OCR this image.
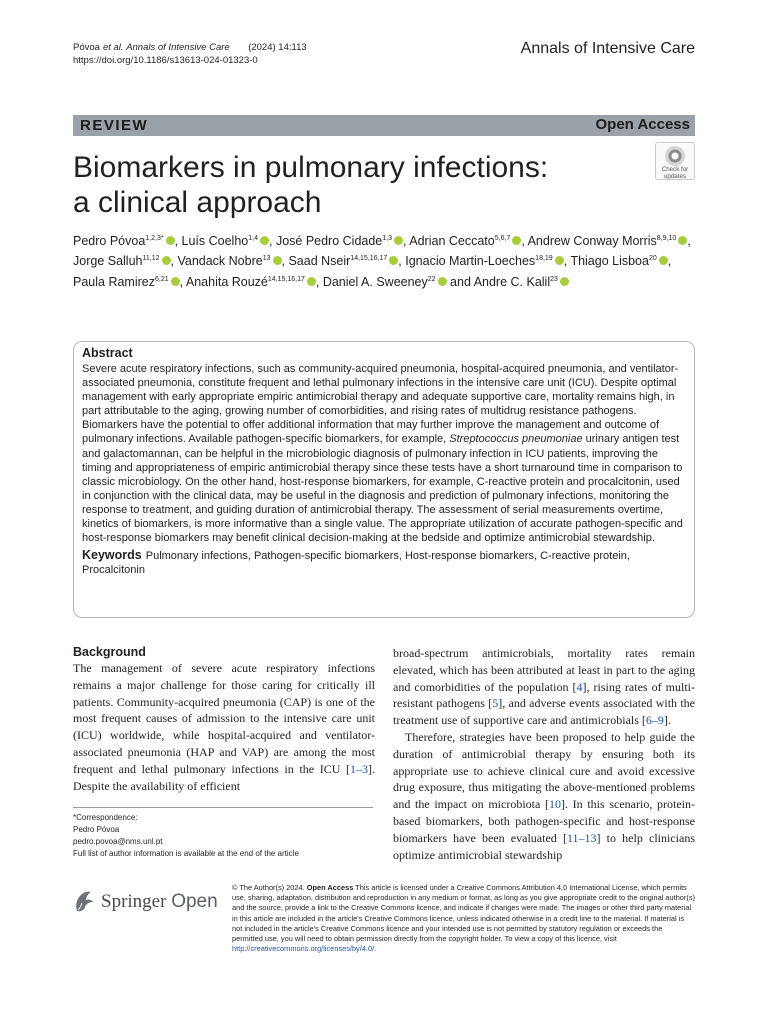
Póvoa et al. Annals of Intensive Care (2024) 14:113
https://doi.org/10.1186/s13613-024-01323-0
Annals of Intensive Care
REVIEW	Open Access
Biomarkers in pulmonary infections:
a clinical approach
Check for
updates
Pedro Póvoa$^{1,2,3*}$ , Luís Coelho$^{1,4}$ , José Pedro Cidade$^{1,3}$ , Adrian Ceccato$^{5,6,7}$ , Andrew Conway Morris$^{8,9,10}$ , Jorge Salluh$^{11,12}$ , Vandack Nobre$^{13}$ , Saad Nseir$^{14,15,16,17}$ , Ignacio Martin-Loeches$^{18,19}$ , Thiago Lisboa$^{20}$ , Paula Ramirez$^{6,21}$ , Anahita Rouzé$^{14,15,16,17}$ , Daniel A. Sweeney$^{22}$ and Andre C. Kalil$^{23}$
Abstract

Severe acute respiratory infections, such as community-acquired pneumonia, hospital-acquired pneumonia, and ventilator-associated pneumonia, constitute frequent and lethal pulmonary infections in the intensive care unit (ICU). Despite optimal management with early appropriate empiric antimicrobial therapy and adequate supportive care, mortality remains high, in part attributable to the aging, growing number of comorbidities, and rising rates of multidrug resistance pathogens. Biomarkers have the potential to offer additional information that may further improve the management and outcome of pulmonary infections. Available pathogen-specific biomarkers, for example, Streptococcus pneumoniae urinary antigen test and galactomannan, can be helpful in the microbiologic diagnosis of pulmonary infection in ICU patients, improving the timing and appropriateness of empiric antimicrobial therapy since these tests have a short turnaround time in comparison to classic microbiology. On the other hand, host-response biomarkers, for example, C-reactive protein and procalcitonin, used in conjunction with the clinical data, may be useful in the diagnosis and prediction of pulmonary infections, monitoring the response to treatment, and guiding duration of antimicrobial therapy. The assessment of serial measurements overtime, kinetics of biomarkers, is more informative than a single value. The appropriate utilization of accurate pathogen-specific and host-response biomarkers may benefit clinical decision-making at the bedside and optimize antimicrobial stewardship.

Keywords Pulmonary infections, Pathogen-specific biomarkers, Host-response biomarkers, C-reactive protein, Procalcitonin
Background

The management of severe acute respiratory infections remains a major challenge for those caring for critically ill patients. Community-acquired pneumonia (CAP) is one of the most frequent causes of admission to the intensive care unit (ICU) worldwide, while hospital-acquired and ventilator-associated pneumonia (HAP and VAP) are among the most frequent and lethal pulmonary infections in the ICU [1–3]. Despite the availability of efficient

broad-spectrum antimicrobials, mortality rates remain elevated, which has been attributed at least in part to the aging and comorbidities of the population [4], rising rates of multi-resistant pathogens [5], and adverse events associated with the treatment use of supportive care and antimicrobials [6–9].

Therefore, strategies have been proposed to help guide the duration of antimicrobial therapy by ensuring both its appropriate use to achieve clinical cure and avoid excessive drug exposure, thus mitigating the above-mentioned problems and the impact on microbiota [10]. In this scenario, protein-based biomarkers, both pathogen-specific and host-response biomarkers have been evaluated [11–13] to help clinicians optimize antimicrobial stewardship

*Correspondence:
Pedro Póvoa
pedro.povoa@nms.unl.pt
Full list of author information is available at the end of the article
Springer Open
© The Author(s) 2024. Open Access This article is licensed under a Creative Commons Attribution 4.0 International License, which permits use, sharing, adaptation, distribution and reproduction in any medium or format, as long as you give appropriate credit to the original author(s) and the source, provide a link to the Creative Commons licence, and indicate if changes were made. The images or other third party material in this article are included in the article's Creative Commons licence, unless indicated otherwise in a credit line to the material. If material is not included in the article's Creative Commons licence and your intended use is not permitted by statutory regulation or exceeds the permitted use, you will need to obtain permission directly from the copyright holder. To view a copy of this licence, visit http://creativecommons.org/licenses/by/4.0/.
